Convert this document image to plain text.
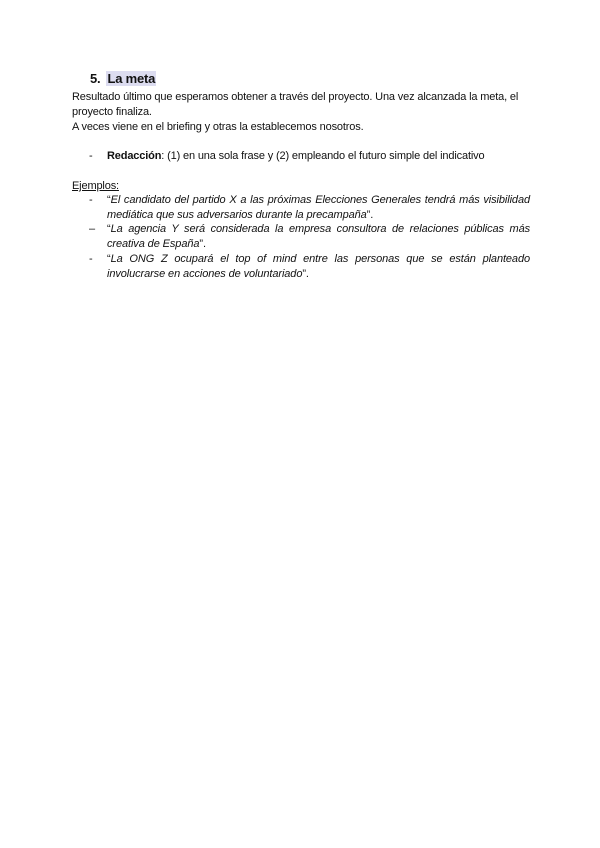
5. La meta
Resultado último que esperamos obtener a través del proyecto. Una vez alcanzada la meta, el proyecto finaliza.
A veces viene en el briefing y otras la establecemos nosotros.
- Redacción: (1) en una sola frase y (2) empleando el futuro simple del indicativo
Ejemplos:
- “El candidato del partido X a las próximas Elecciones Generales tendrá más visibilidad mediática que sus adversarios durante la precampaña”.
– “La agencia Y será considerada la empresa consultora de relaciones públicas más creativa de España”.
- “La ONG Z ocupará el top of mind entre las personas que se están planteado involucrarse en acciones de voluntariado”.
